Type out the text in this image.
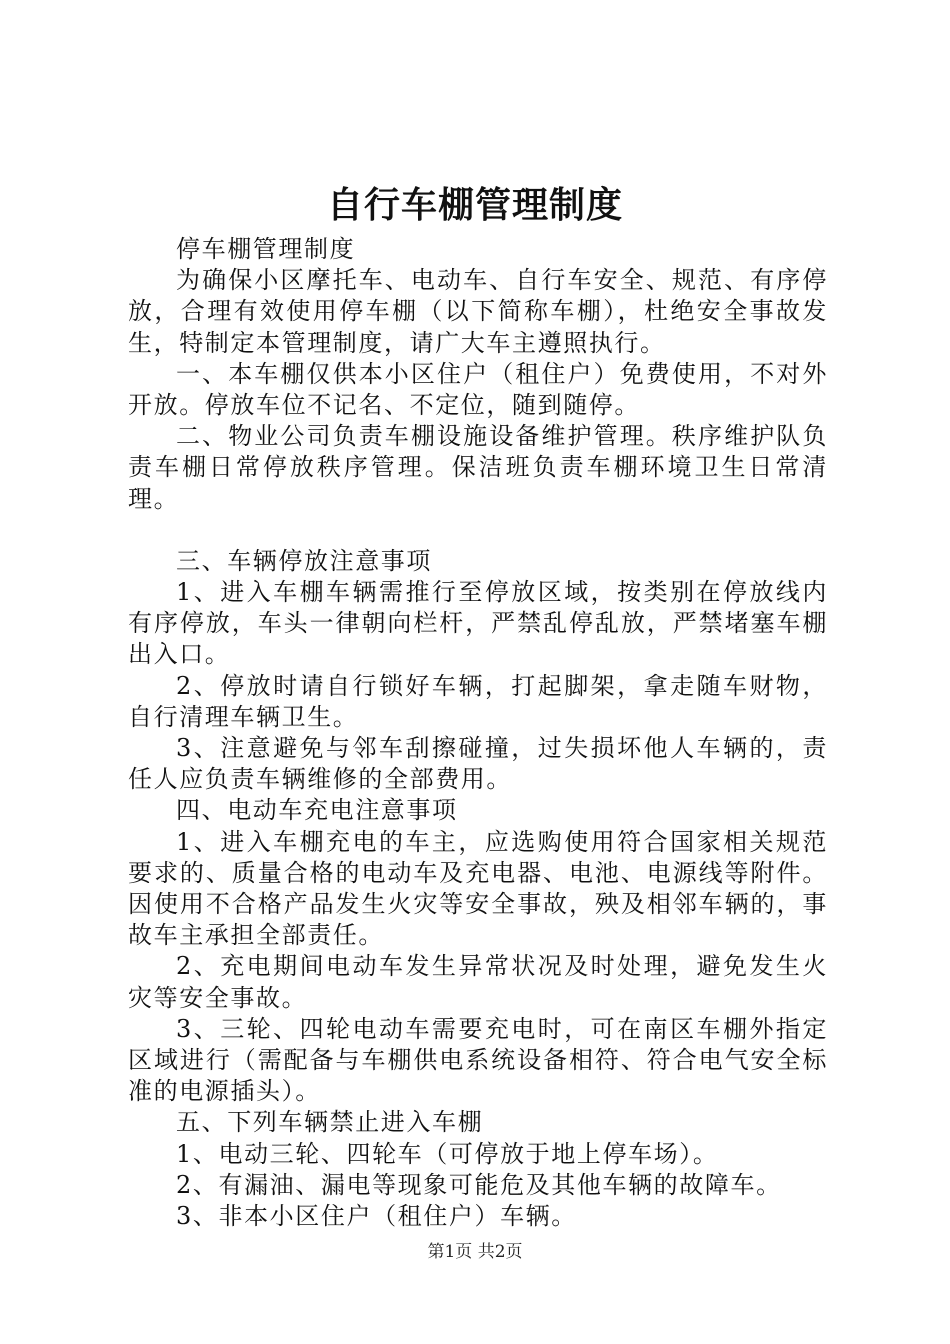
自行车棚管理制度

停车棚管理制度

为确保小区摩托车、电动车、自行车安全、规范、有序停放，合理有效使用停车棚（以下简称车棚），杜绝安全事故发生，特制定本管理制度，请广大车主遵照执行。

一、本车棚仅供本小区住户（租住户）免费使用，不对外开放。停放车位不记名、不定位，随到随停。

二、物业公司负责车棚设施设备维护管理。秩序维护队负责车棚日常停放秩序管理。保洁班负责车棚环境卫生日常清理。

三、车辆停放注意事项

1、进入车棚车辆需推行至停放区域，按类别在停放线内有序停放，车头一律朝向栏杆，严禁乱停乱放，严禁堵塞车棚出入口。

2、停放时请自行锁好车辆，打起脚架，拿走随车财物，自行清理车辆卫生。

3、注意避免与邻车刮擦碰撞，过失损坏他人车辆的，责任人应负责车辆维修的全部费用。

四、电动车充电注意事项

1、进入车棚充电的车主，应选购使用符合国家相关规范要求的、质量合格的电动车及充电器、电池、电源线等附件。因使用不合格产品发生火灾等安全事故，殃及相邻车辆的，事故车主承担全部责任。

2、充电期间电动车发生异常状况及时处理，避免发生火灾等安全事故。

3、三轮、四轮电动车需要充电时，可在南区车棚外指定区域进行（需配备与车棚供电系统设备相符、符合电气安全标准的电源插头）。

五、下列车辆禁止进入车棚

1、电动三轮、四轮车（可停放于地上停车场）。

2、有漏油、漏电等现象可能危及其他车辆的故障车。

3、非本小区住户（租住户）车辆。

第1页 共2页
